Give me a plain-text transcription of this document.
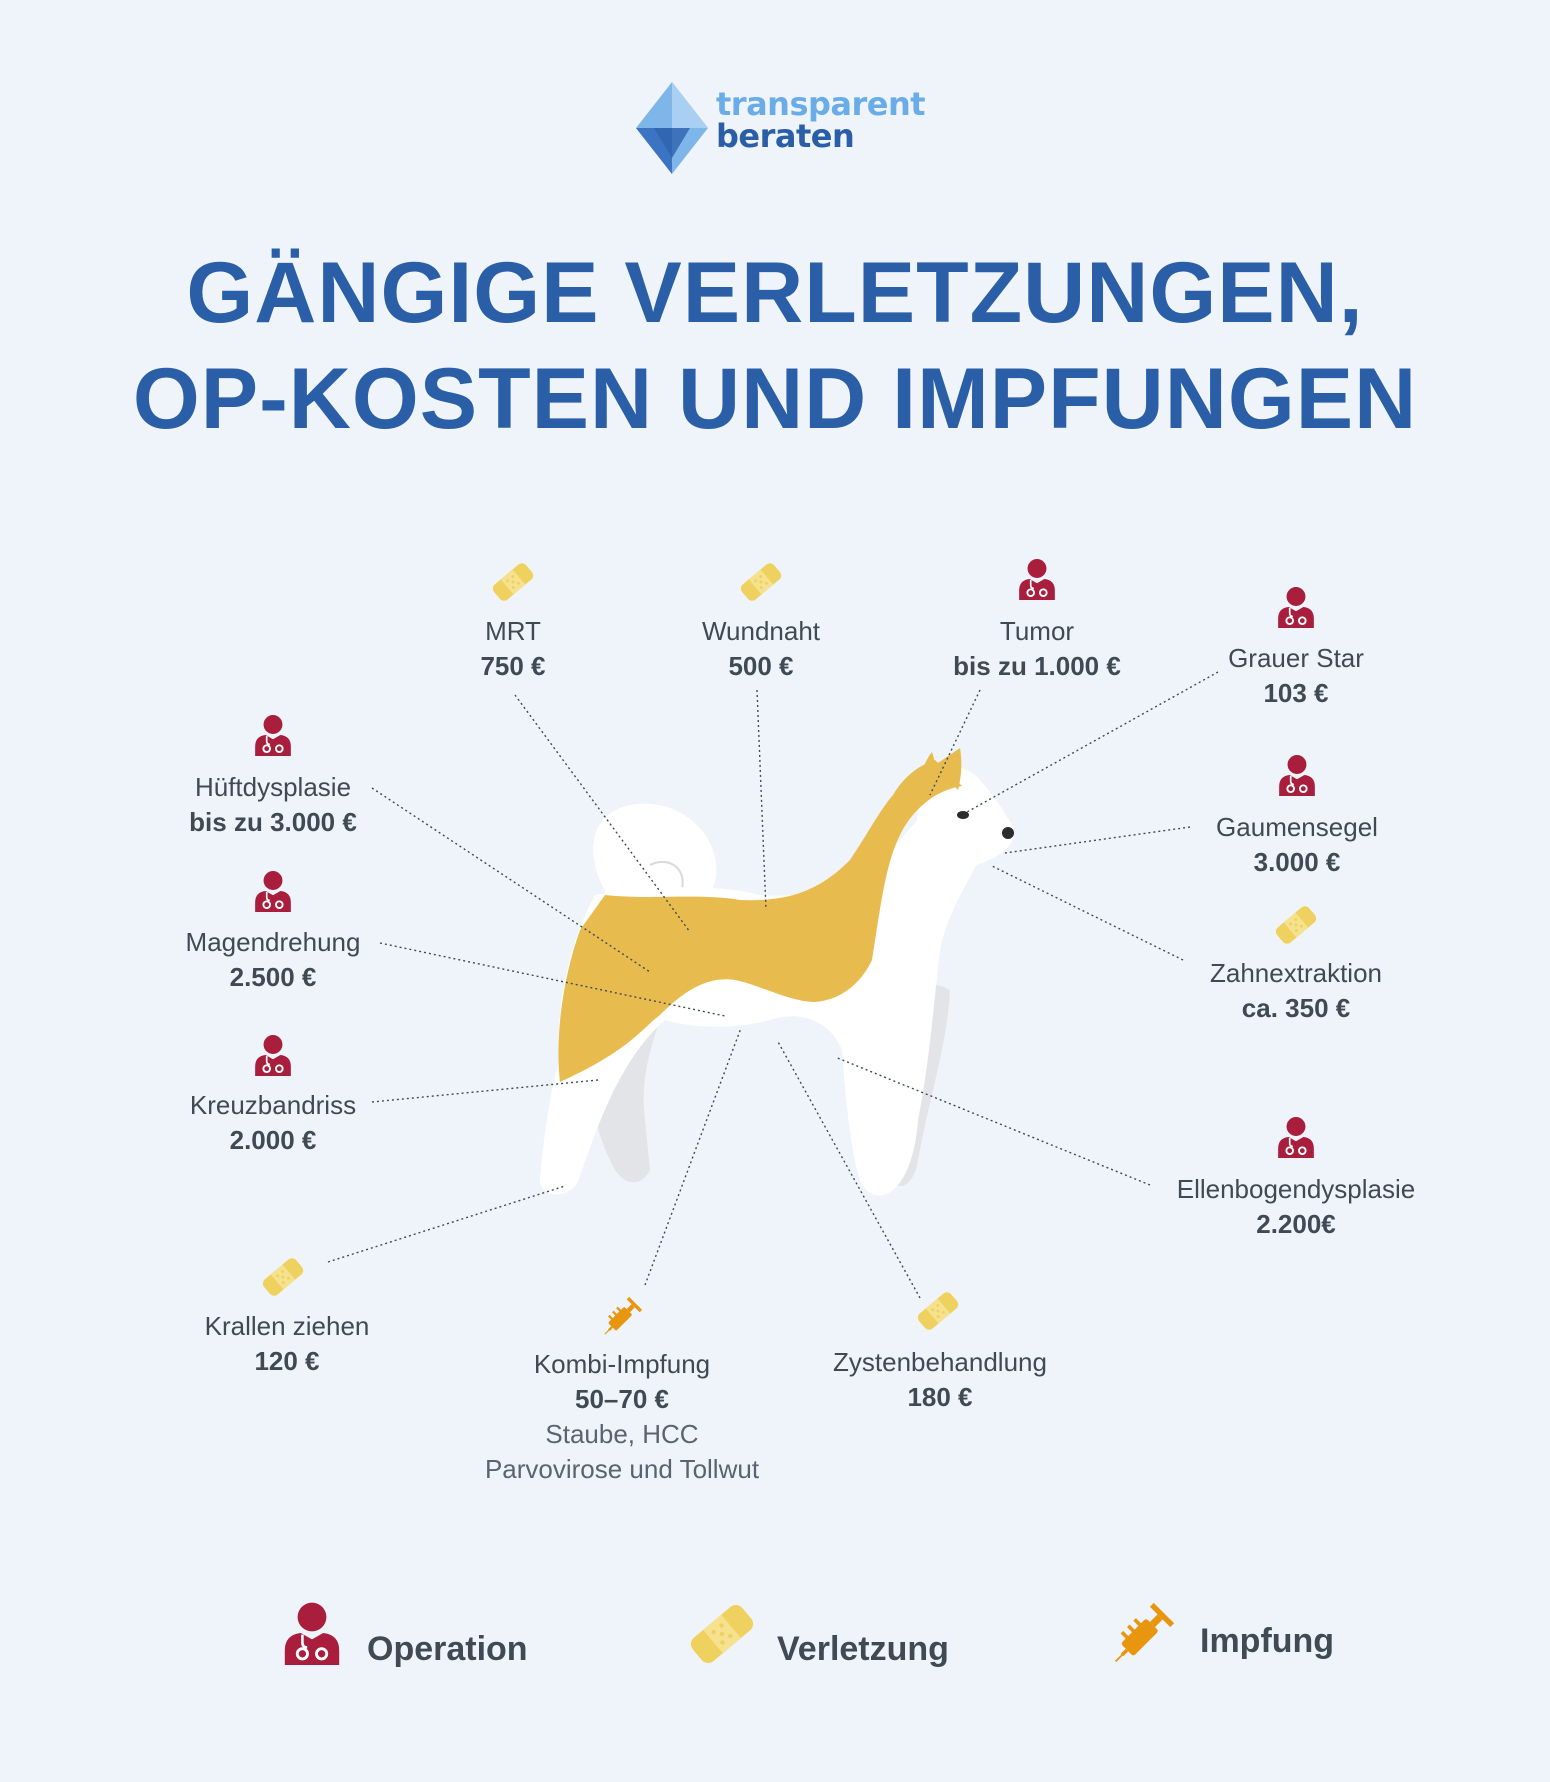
transparent
beraten
GÄNGIGE VERLETZUNGEN,
OP-KOSTEN UND IMPFUNGEN
MRT
750 €
Wundnaht
500 €
Tumor
bis zu 1.000 €	Grauer Star
103 €
Hüftdysplasie
bis zu 3.000 €	Gaumensegel
3.000 €
Magendrehung
2.500 €	Zahnextraktion
ca. 350 €
Kreuzbandriss
2.000 €
Ellenbogendysplasie
2.200€
Krallen ziehen
120 €	Kombi-Impfung
50–70 €
Staube, HCC
Parvovirose und Tollwut
Zystenbehandlung
180 €
Operation	Verletzung	Impfung
